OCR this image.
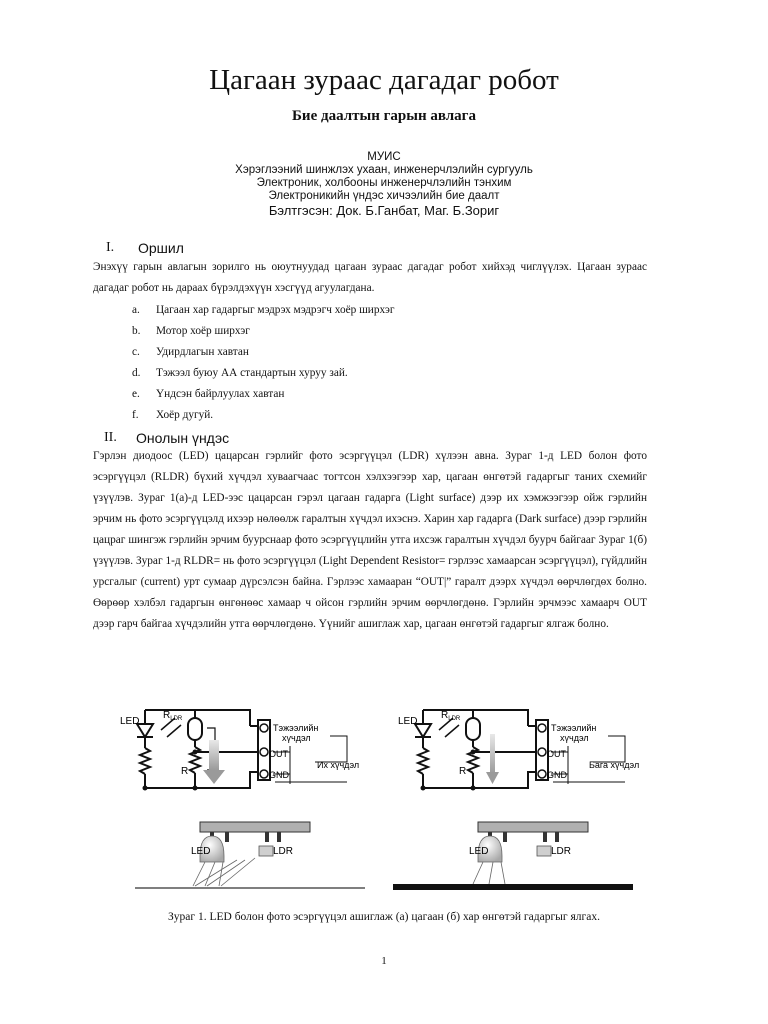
Цагаан зураас дагадаг робот
Бие даалтын гарын авлага
МУИС
Хэрэглээний шинжлэх ухаан, инженерчлэлийн сургууль
Электроник, холбооны инженерчлэлийн тэнхим
Электроникийн үндэс хичээлийн бие даалт
Бэлтгэсэн: Док. Б.Ганбат, Маг. Б.Зориг
I. Оршил
Энэхүү гарын авлагын зорилго нь оюутнуудад цагаан зураас дагадаг робот хийхэд чиглүүлэх. Цагаан зураас дагадаг робот нь дараах бүрэлдэхүүн хэсгүүд агуулагдана.
a.	Цагаан хар гадаргыг мэдрэх мэдрэгч хоёр ширхэг
b.	Мотор хоёр ширхэг
c.	Удирдлагын хавтан
d.	Тэжээл буюу АА стандартын хуруу зай.
e.	Үндсэн байрлуулах хавтан
f.	Хоёр дугуй.
II. Онолын үндэс
Гэрлэн диодоос (LED) цацарсан гэрлийг фото эсэргүүцэл (LDR) хүлээн авна. Зураг 1-д LED болон фото эсэргүүцэл (RLDR) бүхий хүчдэл хуваагчаас тогтсон хэлхээгээр хар, цагаан өнгөтэй гадаргыг таних схемийг үзүүлэв. Зураг 1(а)-д LED-ээс цацарсан гэрэл цагаан гадарга (Light surface) дээр их хэмжээгээр ойж гэрлийн эрчим нь фото эсэргүүцэлд ихээр нөлөөлж гаралтын хүчдэл ихэснэ. Харин хар гадарга (Dark surface) дээр гэрлийн цацраг шингэж гэрлийн эрчим буурснаар фото эсэргүүцлийн утга ихсэж гаралтын хүчдэл буурч байгааг Зураг 1(б) үзүүлэв. Зураг 1-д RLDR= нь фото эсэргүүцэл (Light Dependent Resistor= гэрлээс хамаарсан эсэргүүцэл), гүйдлийн урсгалыг (current) урт сумаар дүрсэлсэн байна. Гэрлээс хамааран “OUT|” гаралт дээрх хүчдэл өөрчлөгдөх болно. Өөрөөр хэлбэл гадаргын өнгөнөөс хамаар ч ойсон гэрлийн эрчим өөрчлөгдөнө. Гэрлийн эрчмээс хамаарч OUT дээр гарч байгаа хүчдэлийн утга өөрчлөгдөнө. Үүнийг ашиглаж хар, цагаан өнгөтэй гадаргыг ялгаж болно.
LED
$R_{LDR}$
R
Тэжээлийн
хүчдэл
OUT
GND
Их хүчдэл
LED	LDR
LED
$R_{LDR}$
R
Тэжээлийн
хүчдэл
OUT
GND
Бага хүчдэл
LED	LDR
Зураг 1. LED болон фото эсэргүүцэл ашиглаж (а) цагаан (б) хар өнгөтэй гадаргыг ялгах.
1
